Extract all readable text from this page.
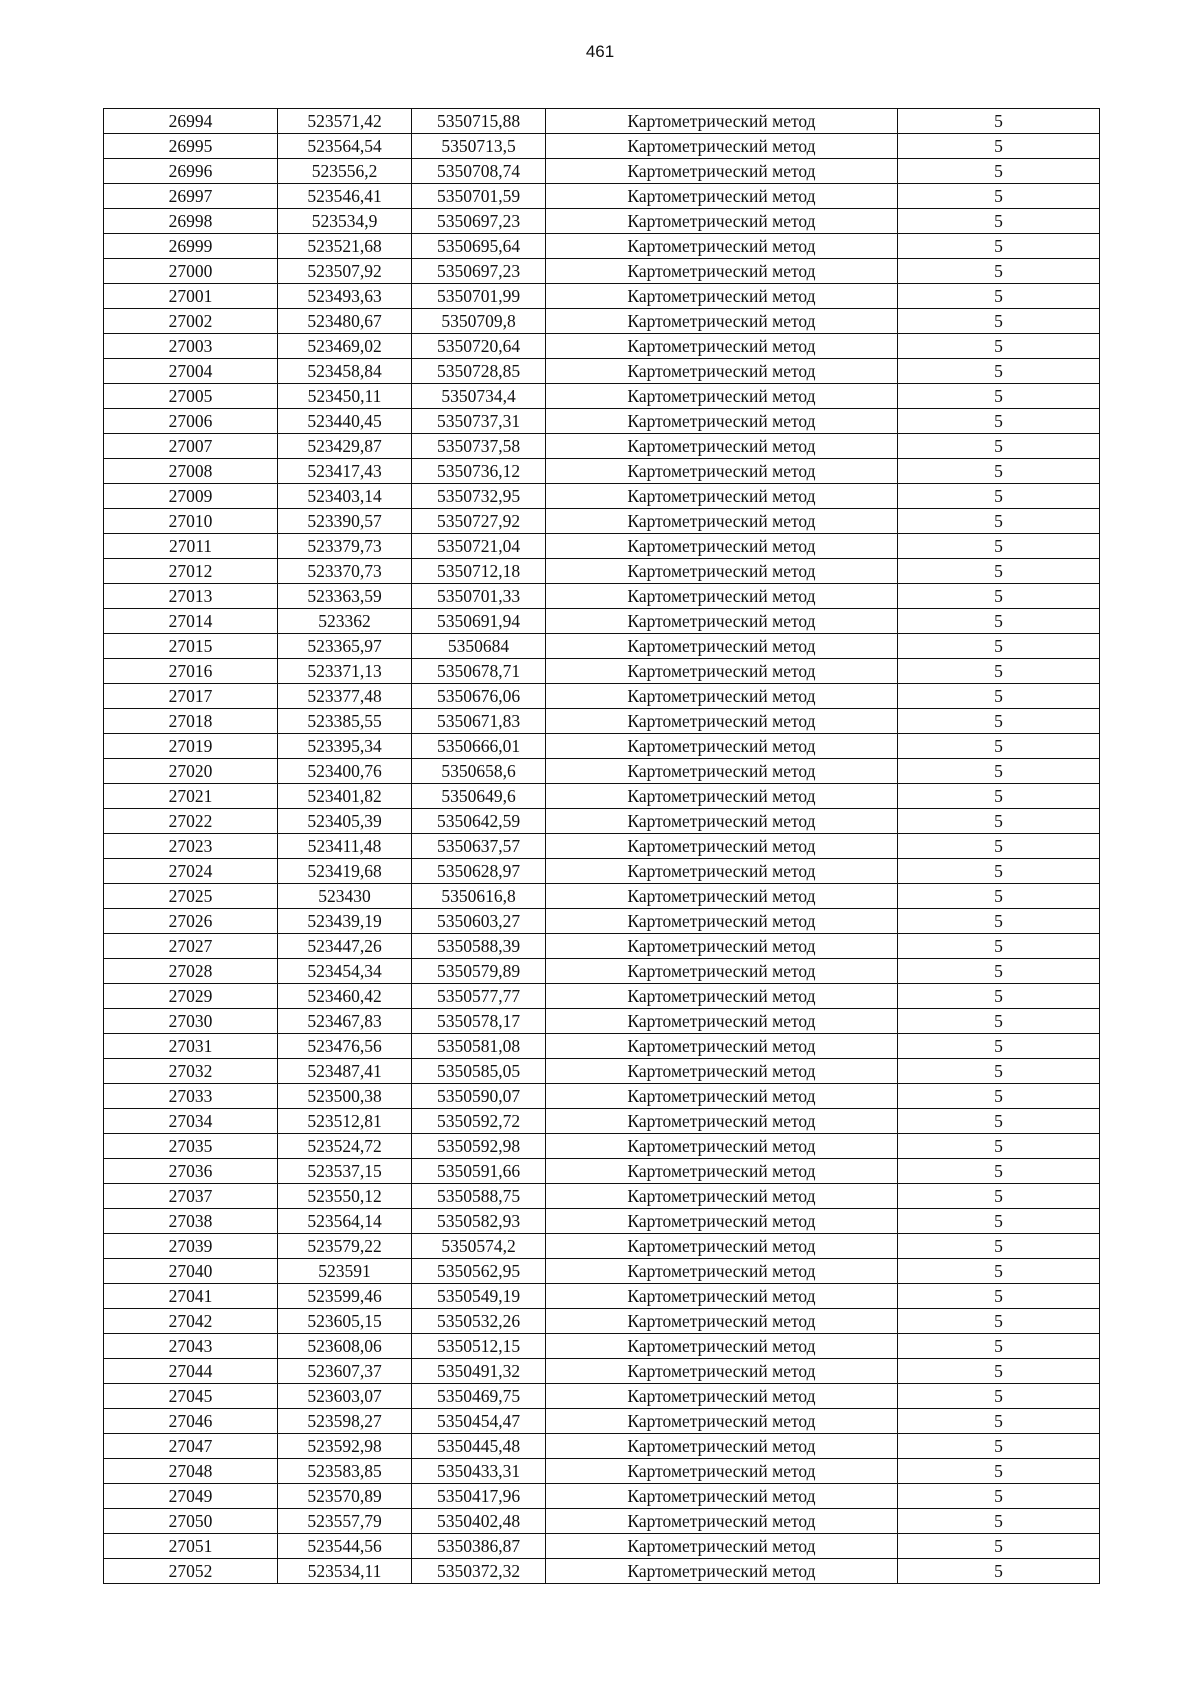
461
26994	523571,42	5350715,88	Картометрический метод	5
26995	523564,54	5350713,5	Картометрический метод	5
26996	523556,2	5350708,74	Картометрический метод	5
26997	523546,41	5350701,59	Картометрический метод	5
26998	523534,9	5350697,23	Картометрический метод	5
26999	523521,68	5350695,64	Картометрический метод	5
27000	523507,92	5350697,23	Картометрический метод	5
27001	523493,63	5350701,99	Картометрический метод	5
27002	523480,67	5350709,8	Картометрический метод	5
27003	523469,02	5350720,64	Картометрический метод	5
27004	523458,84	5350728,85	Картометрический метод	5
27005	523450,11	5350734,4	Картометрический метод	5
27006	523440,45	5350737,31	Картометрический метод	5
27007	523429,87	5350737,58	Картометрический метод	5
27008	523417,43	5350736,12	Картометрический метод	5
27009	523403,14	5350732,95	Картометрический метод	5
27010	523390,57	5350727,92	Картометрический метод	5
27011	523379,73	5350721,04	Картометрический метод	5
27012	523370,73	5350712,18	Картометрический метод	5
27013	523363,59	5350701,33	Картометрический метод	5
27014	523362	5350691,94	Картометрический метод	5
27015	523365,97	5350684	Картометрический метод	5
27016	523371,13	5350678,71	Картометрический метод	5
27017	523377,48	5350676,06	Картометрический метод	5
27018	523385,55	5350671,83	Картометрический метод	5
27019	523395,34	5350666,01	Картометрический метод	5
27020	523400,76	5350658,6	Картометрический метод	5
27021	523401,82	5350649,6	Картометрический метод	5
27022	523405,39	5350642,59	Картометрический метод	5
27023	523411,48	5350637,57	Картометрический метод	5
27024	523419,68	5350628,97	Картометрический метод	5
27025	523430	5350616,8	Картометрический метод	5
27026	523439,19	5350603,27	Картометрический метод	5
27027	523447,26	5350588,39	Картометрический метод	5
27028	523454,34	5350579,89	Картометрический метод	5
27029	523460,42	5350577,77	Картометрический метод	5
27030	523467,83	5350578,17	Картометрический метод	5
27031	523476,56	5350581,08	Картометрический метод	5
27032	523487,41	5350585,05	Картометрический метод	5
27033	523500,38	5350590,07	Картометрический метод	5
27034	523512,81	5350592,72	Картометрический метод	5
27035	523524,72	5350592,98	Картометрический метод	5
27036	523537,15	5350591,66	Картометрический метод	5
27037	523550,12	5350588,75	Картометрический метод	5
27038	523564,14	5350582,93	Картометрический метод	5
27039	523579,22	5350574,2	Картометрический метод	5
27040	523591	5350562,95	Картометрический метод	5
27041	523599,46	5350549,19	Картометрический метод	5
27042	523605,15	5350532,26	Картометрический метод	5
27043	523608,06	5350512,15	Картометрический метод	5
27044	523607,37	5350491,32	Картометрический метод	5
27045	523603,07	5350469,75	Картометрический метод	5
27046	523598,27	5350454,47	Картометрический метод	5
27047	523592,98	5350445,48	Картометрический метод	5
27048	523583,85	5350433,31	Картометрический метод	5
27049	523570,89	5350417,96	Картометрический метод	5
27050	523557,79	5350402,48	Картометрический метод	5
27051	523544,56	5350386,87	Картометрический метод	5
27052	523534,11	5350372,32	Картометрический метод	5
